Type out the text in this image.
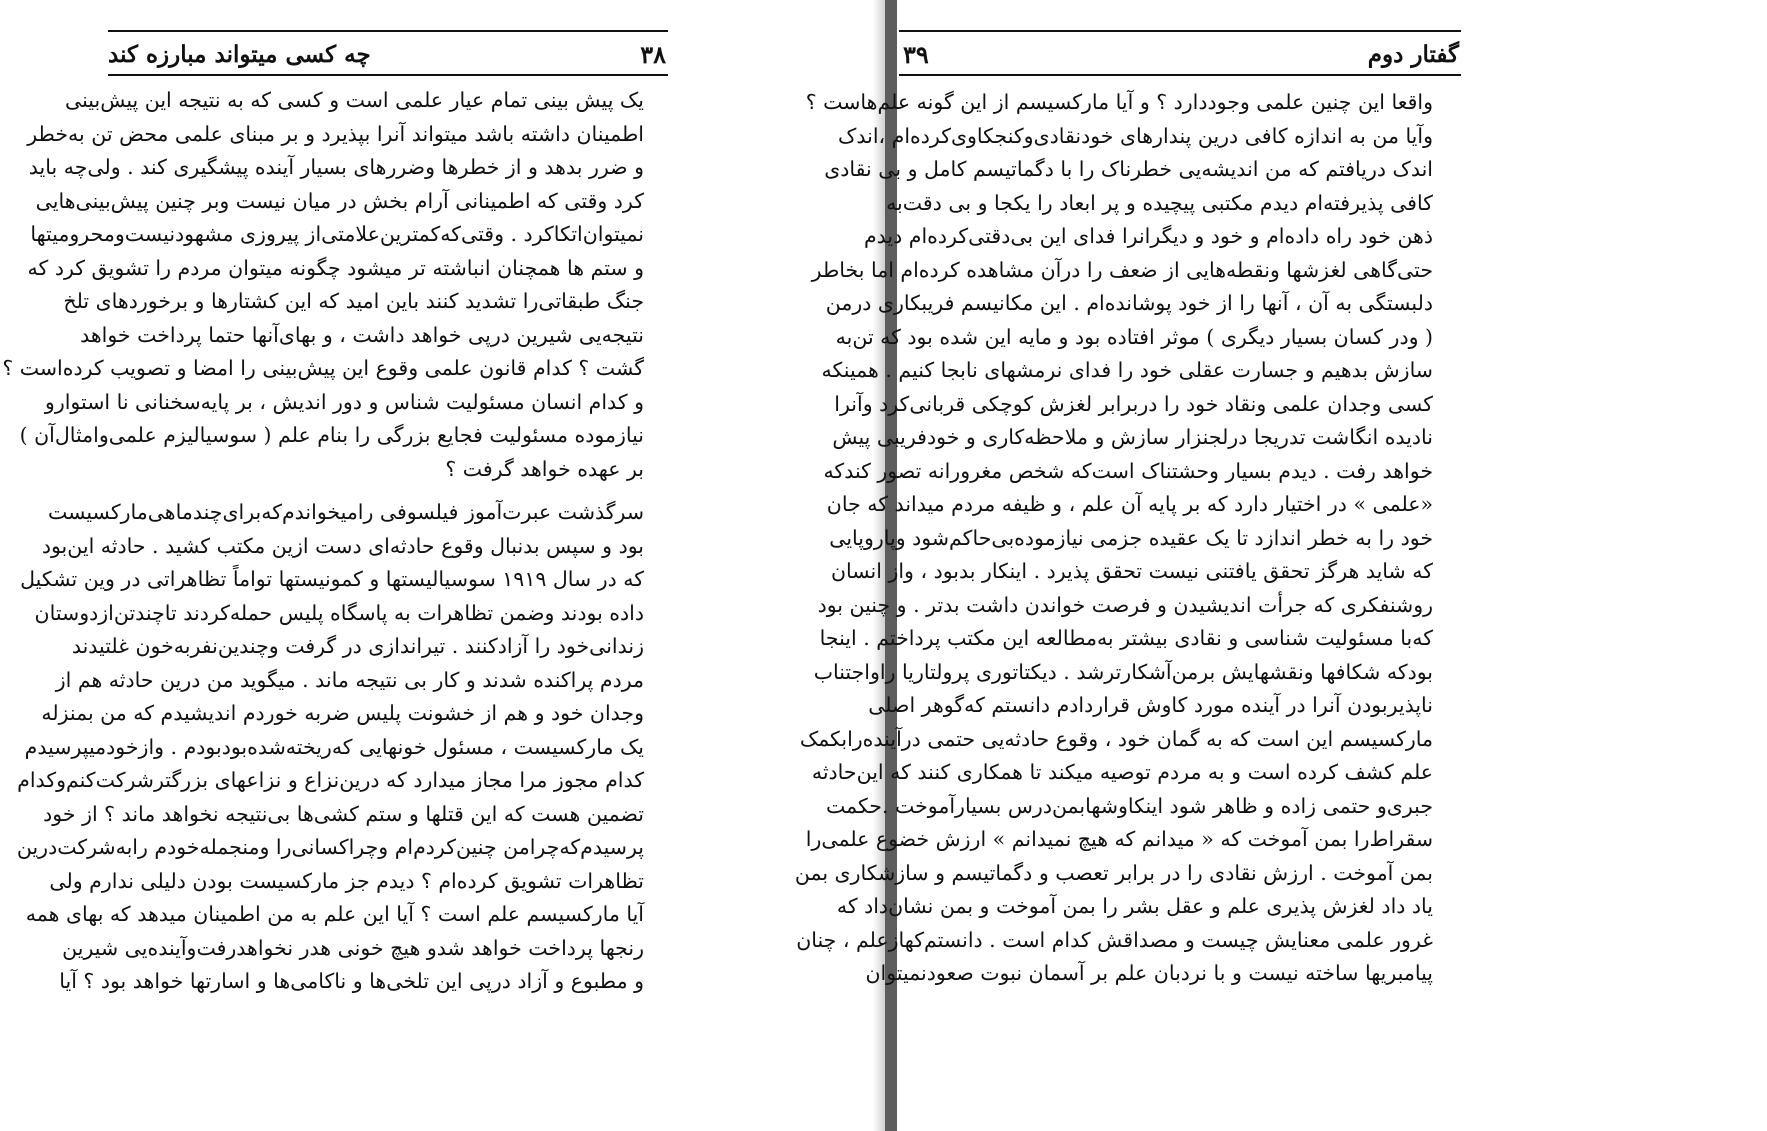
۳۸
چه کسی میتواند مبارزه کند
یک پیش بینی تمام عیار علمی است و کسی که به نتیجه این پیش‌بینی
اطمینان داشته باشد میتواند آنرا بپذیرد و بر مبنای علمی محض تن به‌خطر
و ضرر بدهد و از خطرها وضررهای بسیار آینده پیشگیری کند . ولی‌چه باید
کرد وقتی که اطمینانی آرام بخش در میان نیست وبر چنین پیش‌بینی‌هایی
نمیتوان‌اتکاکرد . وقتی‌که‌کمترین‌علامتی‌از پیروزی مشهودنیست‌ومحرومیتها
و ستم ها همچنان انباشته تر میشود چگونه میتوان مردم را تشویق کرد که
جنگ طبقاتی‌را تشدید کنند باین امید که این کشتارها و برخوردهای تلخ
نتیجه‌یی شیرین درپی خواهد داشت ، و بهای‌آنها حتما پرداخت خواهد
گشت ؟ کدام قانون علمی وقوع این پیش‌بینی را امضا و تصویب کرده‌است ؟
و کدام انسان مسئولیت شناس و دور اندیش ، بر پایه‌سخنانی نا استوارو
نیازموده مسئولیت فجایع بزرگی را بنام علم ( سوسیالیزم علمی‌وامثال‌آن )
بر عهده خواهد گرفت ؟
سرگذشت عبرت‌آموز فیلسوفی رامیخواندم‌که‌برای‌چندماهی‌مارکسیست
بود و سپس بدنبال وقوع حادثه‌ای دست ازین مکتب کشید . حادثه این‌بود
که در سال ۱۹۱۹ سوسیالیستها و کمونیستها تواماً تظاهراتی در وین تشکیل
داده بودند وضمن تظاهرات به پاسگاه پلیس حمله‌کردند تاچندتن‌ازدوستان
زندانی‌خود را آزادکنند . تیراندازی در گرفت وچندین‌نفربه‌خون غلتیدند
مردم پراکنده شدند و کار بی نتیجه ماند . میگوید من درین حادثه هم از
وجدان خود و هم از خشونت پلیس ضربه خوردم اندیشیدم که من بمنزله
یک مارکسیست ، مسئول خونهایی که‌ریخته‌شده‌بودبودم . وازخودمیپرسیدم
کدام مجوز مرا مجاز میدارد که درین‌نزاع و نزاعهای بزرگترشرکت‌کنم‌وکدام
تضمین هست که این قتلها و ستم کشی‌ها بی‌نتیجه نخواهد ماند ؟ از خود
پرسیدم‌که‌چرامن چنین‌کردم‌ام وچراکسانی‌را ومنجمله‌خودم رابه‌شرکت‌درین
تظاهرات تشویق کرده‌ام ؟ دیدم جز مارکسیست بودن دلیلی ندارم ولی
آیا مارکسیسم علم است ؟ آیا این علم به من اطمینان میدهد که بهای همه
رنجها پرداخت خواهد شدو هیچ خونی هدر نخواهدرفت‌وآینده‌یی شیرین
و مطبوع و آزاد درپی این تلخی‌ها و ناکامی‌ها و اسارتها خواهد بود ؟ آیا
گفتار دوم
۳۹
واقعا این چنین علمی وجوددارد ؟ و آیا مارکسیسم از این گونه علم‌هاست ؟
وآیا من به اندازه کافی درین پندارهای خودنقادی‌وکنجکاوی‌کرده‌ام ،اندک
اندک دریافتم که من اندیشه‌یی خطرناک را با دگماتیسم کامل و بی نقادی
کافی پذیرفته‌ام دیدم مکتبی پیچیده و پر ابعاد را یکجا و بی دقت‌به
ذهن خود راه داده‌ام و خود و دیگرانرا فدای این بی‌دقتی‌کرده‌ام دیدم
حتی‌گاهی لغزشها ونقطه‌هایی از ضعف را درآن مشاهده کرده‌ام اما بخاطر
دلبستگی به آن ، آنها را از خود پوشانده‌ام . این مکانیسم فریبکاری درمن
( ودر کسان بسیار دیگری ) موثر افتاده بود و مایه این شده بود که تن‌به
سازش بدهیم و جسارت عقلی خود را فدای نرمشهای نابجا کنیم . همینکه
کسی وجدان علمی ونقاد خود را دربرابر لغزش کوچکی قربانی‌کرد وآنرا
نادیده انگاشت تدریجا درلجنزار سازش و ملاحظه‌کاری و خودفریبی پیش
خواهد رفت . دیدم بسیار وحشتناک است‌که شخص مغرورانه تصور کندکه
«علمی » در اختیار دارد که بر پایه آن علم ، و ظیفه مردم میداند که جان
خود را به خطر اندازد تا یک عقیده جزمی نیازموده‌بی‌حاکم‌شود وپاروپایی
که شاید هرگز تحقق یافتنی نیست تحقق پذیرد . اینکار بدبود ، واز انسان
روشنفکری که جرأت اندیشیدن و فرصت خواندن داشت بدتر . و چنین بود
که‌با مسئولیت شناسی و نقادی بیشتر به‌مطالعه این مکتب پرداختم . اینجا
بودکه شکافها ونقشهایش برمن‌آشکارترشد . دیکتاتوری پرولتاریا راواجتناب
ناپذیربودن آنرا در آینده مورد کاوش قراردادم دانستم که‌گوهر اصلی
مارکسیسم این است که به گمان خود ، وقوع حادثه‌یی حتمی در‌آینده‌رابکمک
علم کشف کرده است و به مردم توصیه میکند تا همکاری کنند که این‌حادثه
جبری‌و حتمی زاده و ظاهر شود اینکاوشها‌بمن‌درس بسیارآموخت .حکمت
سقراط‌را بمن آموخت که « میدانم که هیچ نمیدانم » ارزش خضوع علمی‌را
بمن آموخت . ارزش نقادی را در برابر تعصب و دگماتیسم و سازشکاری بمن
یاد داد لغزش پذیری علم و عقل بشر را بمن آموخت و بمن نشان‌داد که
غرور علمی معنایش چیست و مصداقش کدام است . دانستم‌کهازعلم ، چنان
پیامبریها ساخته نیست و با نردبان علم بر آسمان نبوت صعودنمیتوان
